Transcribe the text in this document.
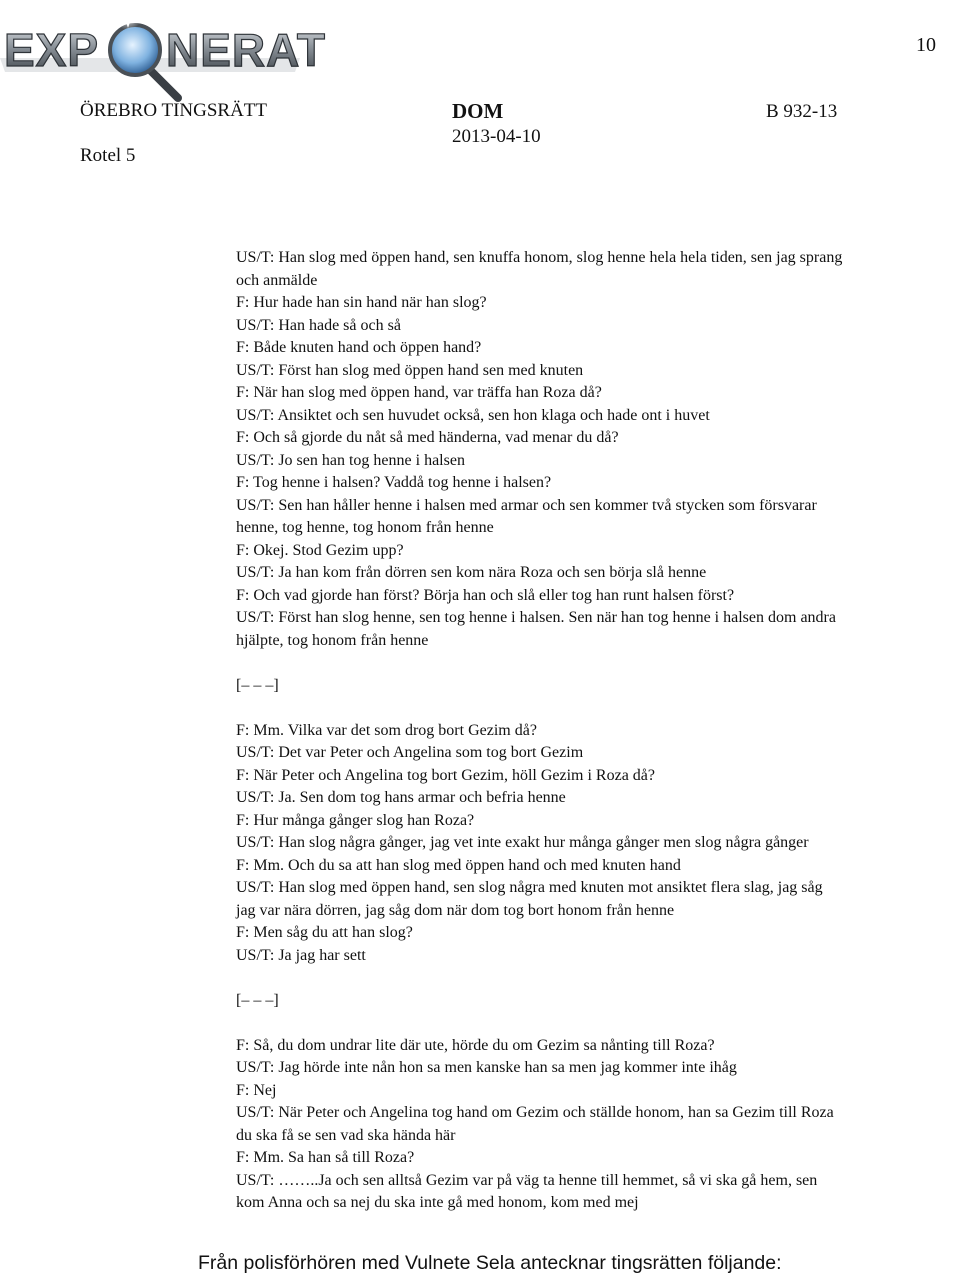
EXP NERAT	10
ÖREBRO TINGSRÄTT	DOM
2013-04-10
B 932-13
Rotel 5
US/T: Han slog med öppen hand, sen knuffa honom, slog henne hela hela tiden, sen jag sprang
och anmälde
F: Hur hade han sin hand när han slog?
US/T: Han hade så och så
F: Både knuten hand och öppen hand?
US/T: Först han slog med öppen hand sen med knuten
F: När han slog med öppen hand, var träffa han Roza då?
US/T: Ansiktet och sen huvudet också, sen hon klaga och hade ont i huvet
F: Och så gjorde du nåt så med händerna, vad menar du då?
US/T: Jo sen han tog henne i halsen
F: Tog henne i halsen? Vaddå tog henne i halsen?
US/T: Sen han håller henne i halsen med armar och sen kommer två stycken som försvarar
henne, tog henne, tog honom från henne
F: Okej. Stod Gezim upp?
US/T: Ja han kom från dörren sen kom nära Roza och sen börja slå henne
F: Och vad gjorde han först? Börja han och slå eller tog han runt halsen först?
US/T: Först han slog henne, sen tog henne i halsen. Sen när han tog henne i halsen dom andra
hjälpte, tog honom från henne
[– – –]
F: Mm. Vilka var det som drog bort Gezim då?
US/T: Det var Peter och Angelina som tog bort Gezim
F: När Peter och Angelina tog bort Gezim, höll Gezim i Roza då?
US/T: Ja. Sen dom tog hans armar och befria henne
F: Hur många gånger slog han Roza?
US/T: Han slog några gånger, jag vet inte exakt hur många gånger men slog några gånger
F: Mm. Och du sa att han slog med öppen hand och med knuten hand
US/T: Han slog med öppen hand, sen slog några med knuten mot ansiktet flera slag, jag såg
jag var nära dörren, jag såg dom när dom tog bort honom från henne
F: Men såg du att han slog?
US/T: Ja jag har sett
[– – –]
F: Så, du dom undrar lite där ute, hörde du om Gezim sa nånting till Roza?
US/T: Jag hörde inte nån hon sa men kanske han sa men jag kommer inte ihåg
F: Nej
US/T: När Peter och Angelina tog hand om Gezim och ställde honom, han sa Gezim till Roza
du ska få se sen vad ska hända här
F: Mm. Sa han så till Roza?
US/T: ……..Ja och sen alltså Gezim var på väg ta henne till hemmet, så vi ska gå hem, sen
kom Anna och sa nej du ska inte gå med honom, kom med mej
Från polisförhören med Vulnete Sela antecknar tingsrätten följande:
